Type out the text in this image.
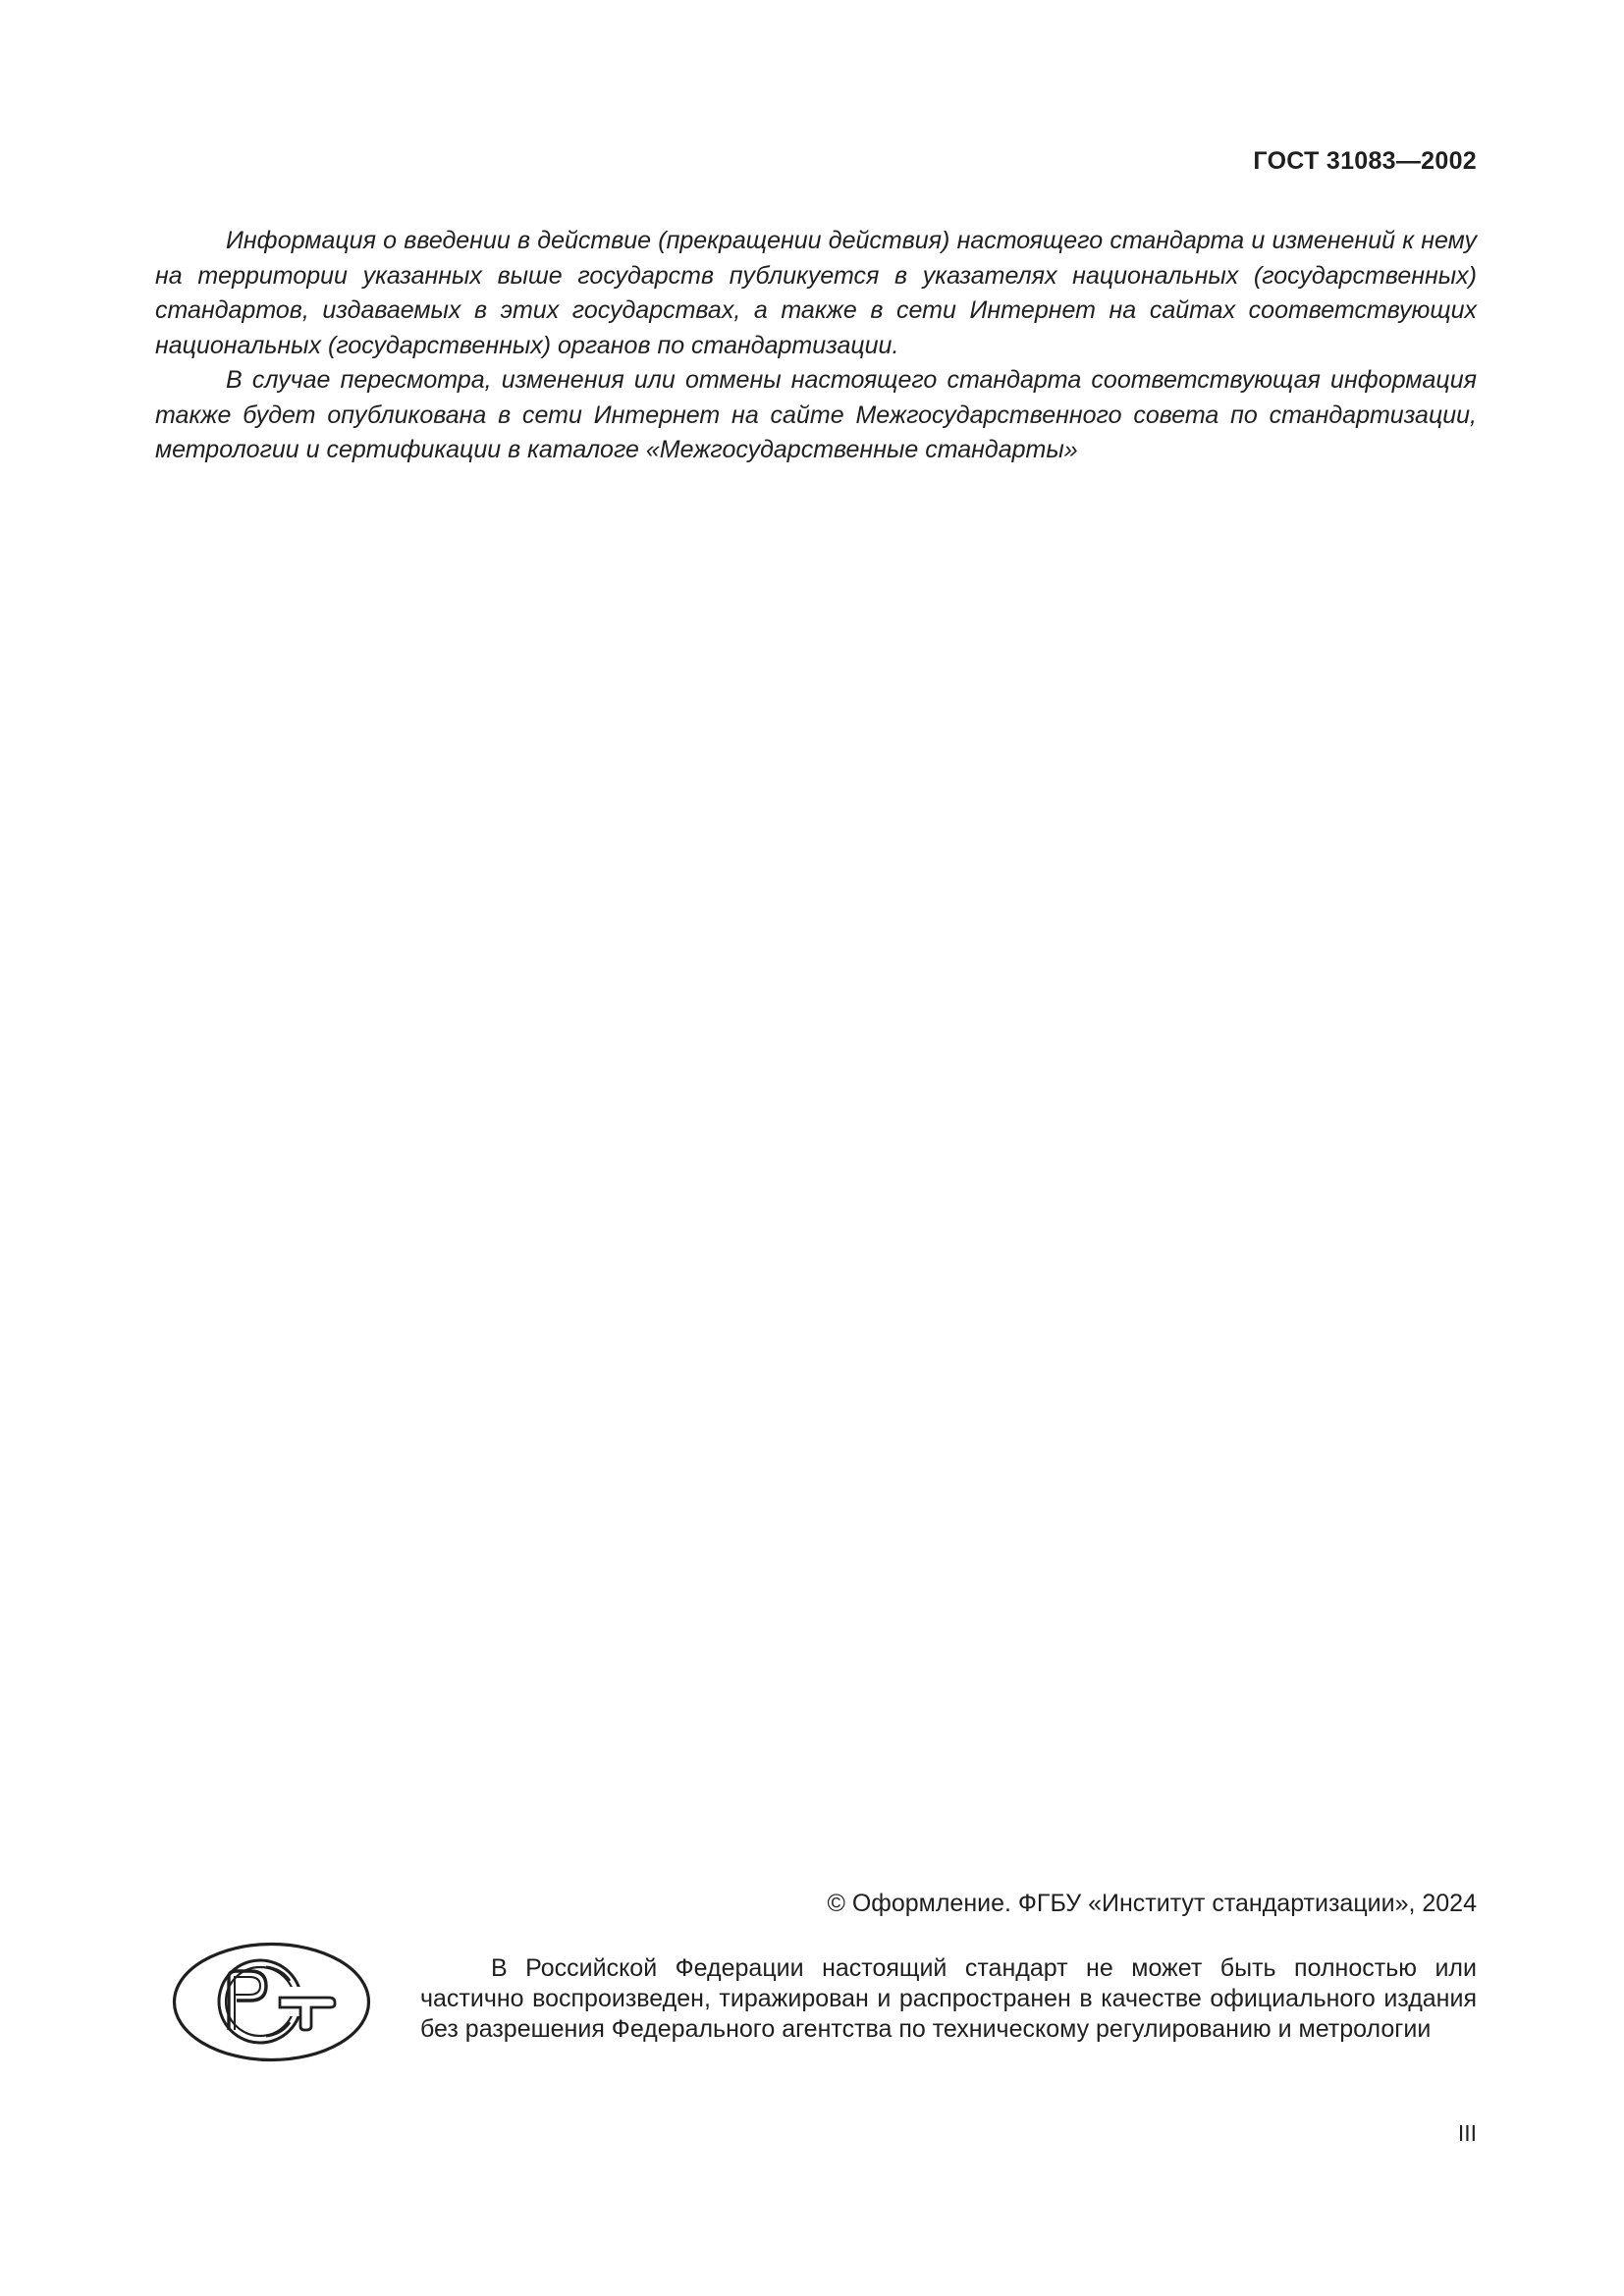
ГОСТ 31083—2002

Информация о введении в действие (прекращении действия) настоящего стандарта и изменений к нему на территории указанных выше государств публикуется в указателях национальных (государственных) стандартов, издаваемых в этих государствах, а также в сети Интернет на сайтах соответствующих национальных (государственных) органов по стандартизации.

В случае пересмотра, изменения или отмены настоящего стандарта соответствующая информация также будет опубликована в сети Интернет на сайте Межгосударственного совета по стандартизации, метрологии и сертификации в каталоге «Межгосударственные стандарты»

© Оформление. ФГБУ «Институт стандартизации», 2024
В Российской Федерации настоящий стандарт не может быть полностью или частично воспроизведен, тиражирован и распространен в качестве официального издания без разрешения Федерального агентства по техническому регулированию и метрологии
III
